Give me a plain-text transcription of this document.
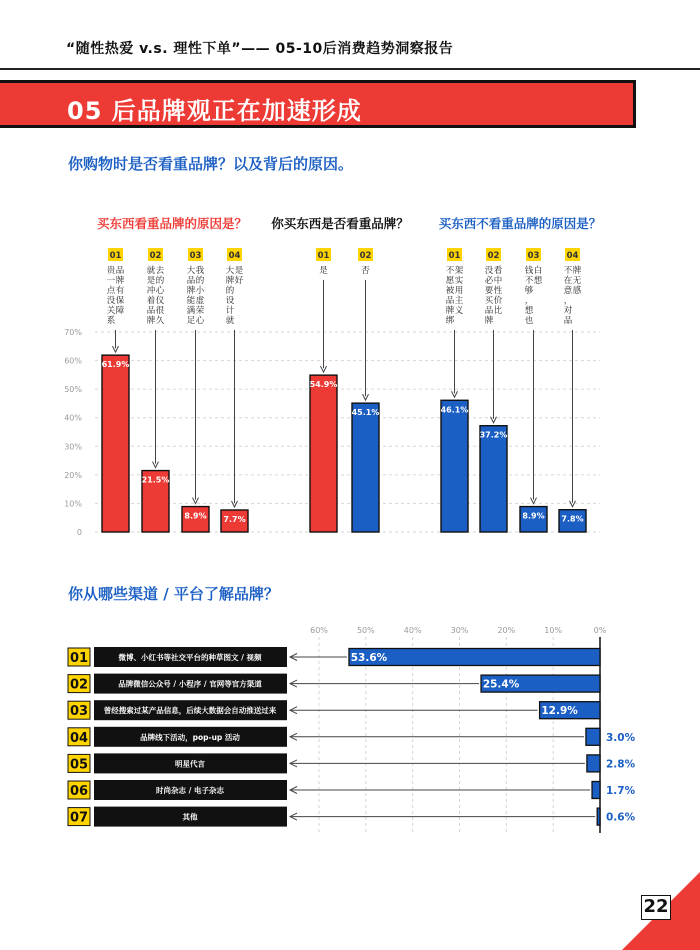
“随性热爱 v.s. 理性下单”—— 05-10后消费趋势洞察报告
05 后品牌观正在加速形成
你购物时是否看重品牌？以及背后的原因。
0
10%
20%
30%
40%
50%
60%
70%
买东西看重品牌的原因是？ 你买东西是否看重品牌？ 买东西不看重品牌的原因是？
01
贵
一
点
没
关
系
品
牌
有
保
障
61.9%
02
就
是
冲
着
品
牌
去
的
心
仪
很
久
21.5%
03
大
品
牌
能
满
足
我
的
小
虚
荣
心
8.9%
04
大
牌
的
设
计
就
是
好
7.7%
01
是
54.9%
02
否
45.1%
01
不
愿
被
品
牌
绑
架
实
用
主
义
46.1%
02
没
必
要
买
品
牌
看
中
性
价
比
37.2%
03
钱
不
够
，
想
也
白
想
8.9%
04
不
在
意
，
对
品
牌
无
感
7.8%
你从哪些渠道 / 平台了解品牌？
60%	50%	40%	30%	20%	10%	0%
01	微博、小红书等社交平台的种草图文 / 视频	53.6%
02	品牌微信公众号 / 小程序 / 官网等官方渠道	25.4%
03 曾经搜索过某产品信息，后续大数据会自动推送过来	12.9%
04	品牌线下活动，pop-up 活动	3.0%
05	明星代言	2.8%
06	时尚杂志 / 电子杂志	1.7%
07	其他	0.6%
22
